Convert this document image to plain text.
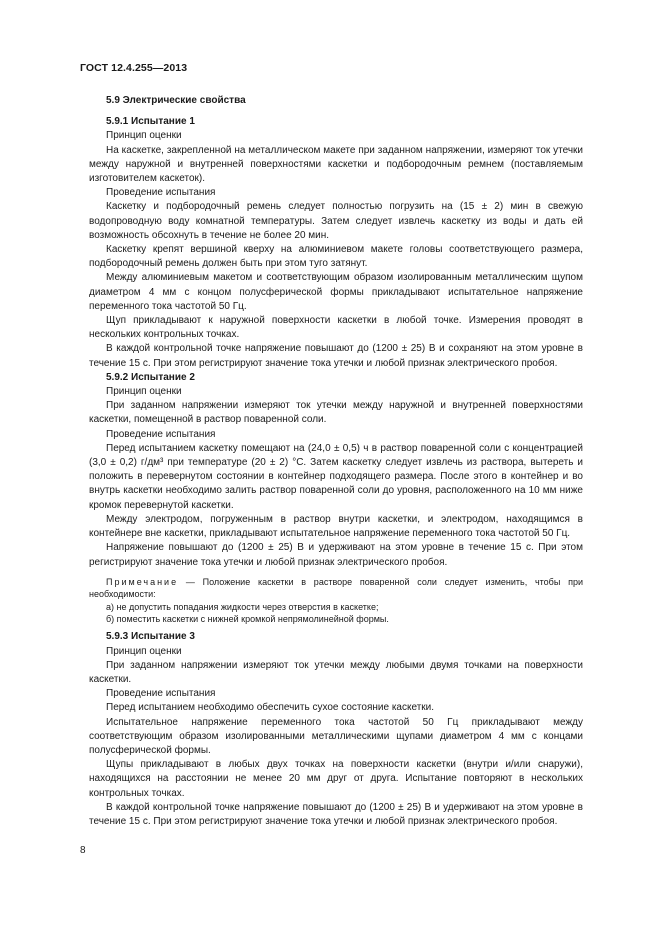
ГОСТ 12.4.255—2013

5.9 Электрические свойства

5.9.1 Испытание 1

Принцип оценки

На каскетке, закрепленной на металлическом макете при заданном напряжении, измеряют ток утечки между наружной и внутренней поверхностями каскетки и подбородочным ремнем (поставляемым изготовителем каскеток).

Проведение испытания

Каскетку и подбородочный ремень следует полностью погрузить на (15 ± 2) мин в свежую водопроводную воду комнатной температуры. Затем следует извлечь каскетку из воды и дать ей возможность обсохнуть в течение не более 20 мин.

Каскетку крепят вершиной кверху на алюминиевом макете головы соответствующего размера, подбородочный ремень должен быть при этом туго затянут.

Между алюминиевым макетом и соответствующим образом изолированным металлическим щупом диаметром 4 мм с концом полусферической формы прикладывают испытательное напряжение переменного тока частотой 50 Гц.

Щуп прикладывают к наружной поверхности каскетки в любой точке. Измерения проводят в нескольких контрольных точках.

В каждой контрольной точке напряжение повышают до (1200 ± 25) В и сохраняют на этом уровне в течение 15 с. При этом регистрируют значение тока утечки и любой признак электрического пробоя.

5.9.2 Испытание 2

Принцип оценки

При заданном напряжении измеряют ток утечки между наружной и внутренней поверхностями каскетки, помещенной в раствор поваренной соли.

Проведение испытания

Перед испытанием каскетку помещают на (24,0 ± 0,5) ч в раствор поваренной соли с концентрацией (3,0 ± 0,2) г/дм³ при температуре (20 ± 2) °С. Затем каскетку следует извлечь из раствора, вытереть и положить в перевернутом состоянии в контейнер подходящего размера. После этого в контейнер и во внутрь каскетки необходимо залить раствор поваренной соли до уровня, расположенного на 10 мм ниже кромок перевернутой каскетки.

Между электродом, погруженным в раствор внутри каскетки, и электродом, находящимся в контейнере вне каскетки, прикладывают испытательное напряжение переменного тока частотой 50 Гц.

Напряжение повышают до (1200 ± 25) В и удерживают на этом уровне в течение 15 с. При этом регистрируют значение тока утечки и любой признак электрического пробоя.

Примечание — Положение каскетки в растворе поваренной соли следует изменить, чтобы при необходимости:

а) не допустить попадания жидкости через отверстия в каскетке;

б) поместить каскетки с нижней кромкой непрямолинейной формы.

5.9.3 Испытание 3

Принцип оценки

При заданном напряжении измеряют ток утечки между любыми двумя точками на поверхности каскетки.

Проведение испытания

Перед испытанием необходимо обеспечить сухое состояние каскетки.

Испытательное напряжение переменного тока частотой 50 Гц прикладывают между соответствующим образом изолированными металлическими щупами диаметром 4 мм с концами полусферической формы.

Щупы прикладывают в любых двух точках на поверхности каскетки (внутри и/или снаружи), находящихся на расстоянии не менее 20 мм друг от друга. Испытание повторяют в нескольких контрольных точках.

В каждой контрольной точке напряжение повышают до (1200 ± 25) В и удерживают на этом уровне в течение 15 с. При этом регистрируют значение тока утечки и любой признак электрического пробоя.

8
